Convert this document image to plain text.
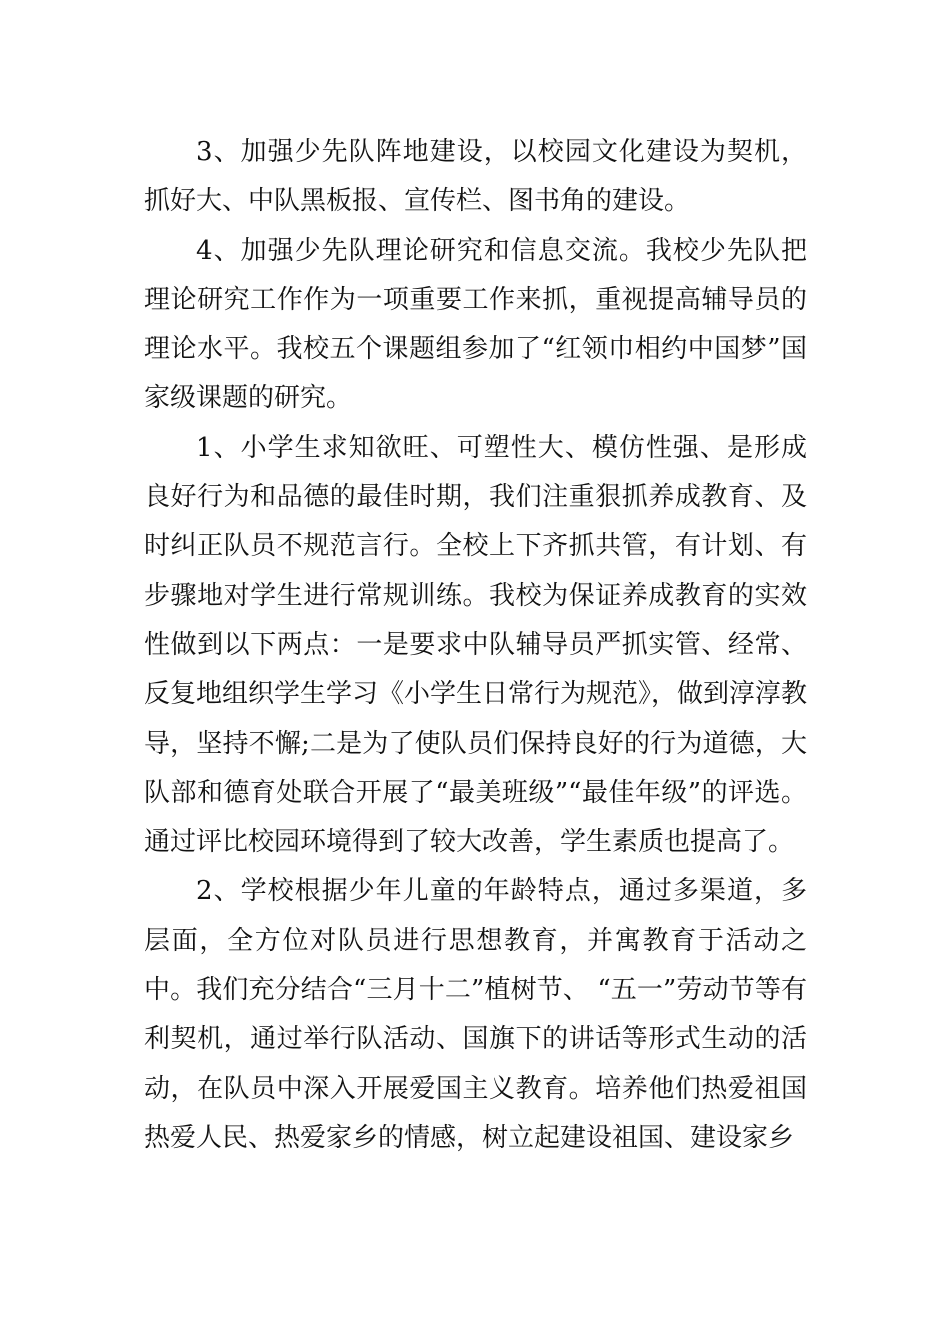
3、加强少先队阵地建设，以校园文化建设为契机，抓好大、中队黑板报、宣传栏、图书角的建设。

4、加强少先队理论研究和信息交流。我校少先队把理论研究工作作为一项重要工作来抓，重视提高辅导员的理论水平。我校五个课题组参加了“红领巾相约中国梦”国家级课题的研究。

1、小学生求知欲旺、可塑性大、模仿性强、是形成良好行为和品德的最佳时期，我们注重狠抓养成教育、及时纠正队员不规范言行。全校上下齐抓共管，有计划、有步骤地对学生进行常规训练。我校为保证养成教育的实效性做到以下两点：一是要求中队辅导员严抓实管、经常、反复地组织学生学习《小学生日常行为规范》，做到淳淳教导，坚持不懈;二是为了使队员们保持良好的行为道德，大队部和德育处联合开展了“最美班级”“最佳年级”的评选。通过评比校园环境得到了较大改善，学生素质也提高了。

2、学校根据少年儿童的年龄特点，通过多渠道，多层面，全方位对队员进行思想教育，并寓教育于活动之中。我们充分结合“三月十二”植树节、 “五一”劳动节等有利契机，通过举行队活动、国旗下的讲话等形式生动的活动，在队员中深入开展爱国主义教育。培养他们热爱祖国热爱人民、热爱家乡的情感，树立起建设祖国、建设家乡
